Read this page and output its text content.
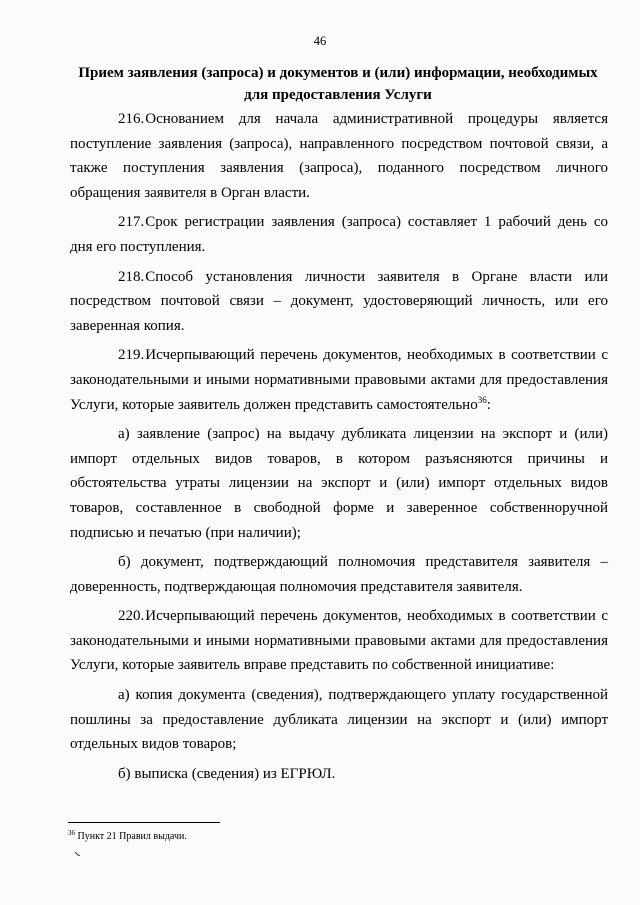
46
Прием заявления (запроса) и документов и (или) информации, необходимых для предоставления Услуги

216.Основанием для начала административной процедуры является поступление заявления (запроса), направленного посредством почтовой связи, а также поступления заявления (запроса), поданного посредством личного обращения заявителя в Орган власти.

217.Срок регистрации заявления (запроса) составляет 1 рабочий день со дня его поступления.

218.Способ установления личности заявителя в Органе власти или посредством почтовой связи – документ, удостоверяющий личность, или его заверенная копия.

219.Исчерпывающий перечень документов, необходимых в соответствии с законодательными и иными нормативными правовыми актами для предоставления Услуги, которые заявитель должен представить самостоятельно$^{36}$:

а) заявление (запрос) на выдачу дубликата лицензии на экспорт и (или) импорт отдельных видов товаров, в котором разъясняются причины и обстоятельства утраты лицензии на экспорт и (или) импорт отдельных видов товаров, составленное в свободной форме и заверенное собственноручной подписью и печатью (при наличии);

б) документ, подтверждающий полномочия представителя заявителя – доверенность, подтверждающая полномочия представителя заявителя.

220.Исчерпывающий перечень документов, необходимых в соответствии с законодательными и иными нормативными правовыми актами для предоставления Услуги, которые заявитель вправе представить по собственной инициативе:

а) копия документа (сведения), подтверждающего уплату государственной пошлины за предоставление дубликата лицензии на экспорт и (или) импорт отдельных видов товаров;

б) выписка (сведения) из ЕГРЮЛ.

$^{36}$ Пункт 21 Правил выдачи.
